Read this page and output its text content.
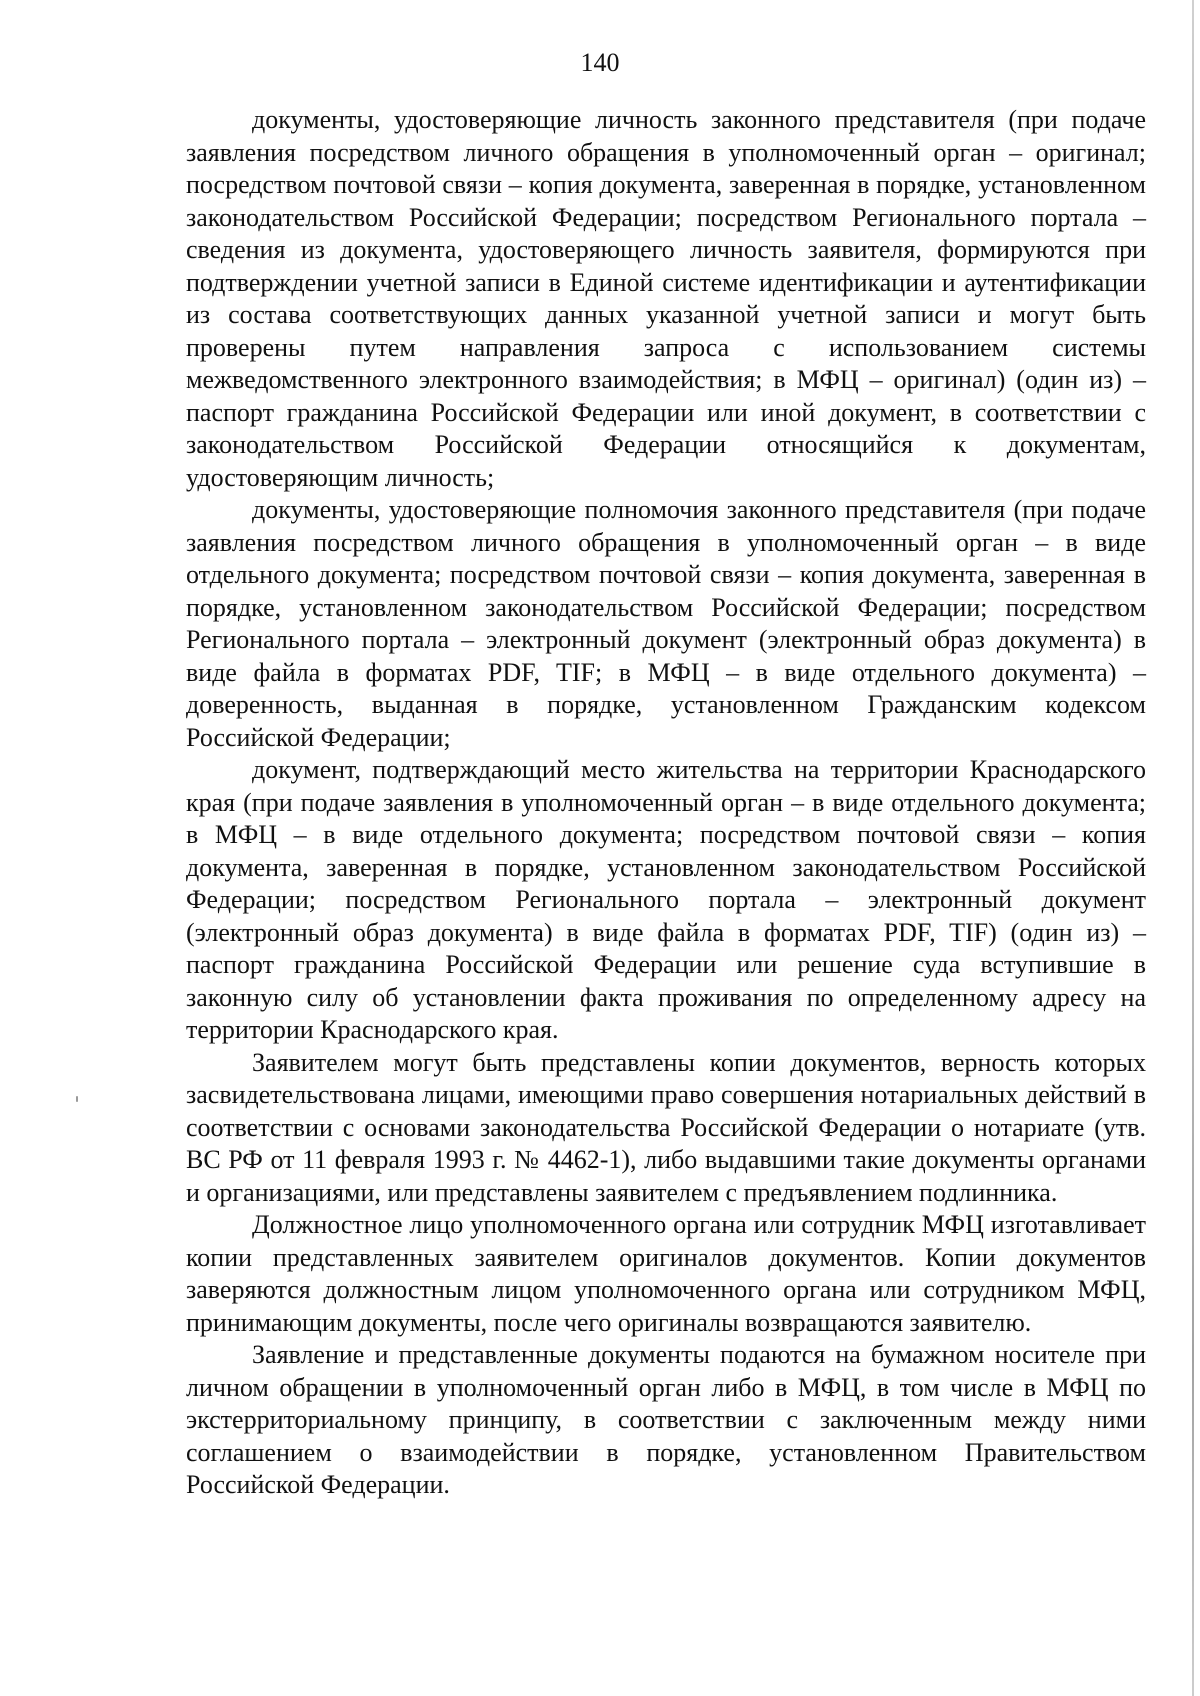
140

документы, удостоверяющие личность законного представителя (при подаче заявления посредством личного обращения в уполномоченный орган – оригинал; посредством почтовой связи – копия документа, заверенная в порядке, установленном законодательством Российской Федерации; посредством Регионального портала – сведения из документа, удостоверяющего личность заявителя, формируются при подтверждении учетной записи в Единой системе идентификации и аутентификации из состава соответствующих данных указанной учетной записи и могут быть проверены путем направления запроса с использованием системы межведомственного электронного взаимодействия; в МФЦ – оригинал) (один из) – паспорт гражданина Российской Федерации или иной документ, в соответствии с законодательством Российской Федерации относящийся к документам, удостоверяющим личность;

документы, удостоверяющие полномочия законного представителя (при подаче заявления посредством личного обращения в уполномоченный орган – в виде отдельного документа; посредством почтовой связи – копия документа, заверенная в порядке, установленном законодательством Российской Федерации; посредством Регионального портала – электронный документ (электронный образ документа) в виде файла в форматах PDF, TIF; в МФЦ – в виде отдельного документа) – доверенность, выданная в порядке, установленном Гражданским кодексом Российской Федерации;

документ, подтверждающий место жительства на территории Краснодарского края (при подаче заявления в уполномоченный орган – в виде отдельного документа; в МФЦ – в виде отдельного документа; посредством почтовой связи – копия документа, заверенная в порядке, установленном законодательством Российской Федерации; посредством Регионального портала – электронный документ (электронный образ документа) в виде файла в форматах PDF, TIF) (один из) – паспорт гражданина Российской Федерации или решение суда вступившие в законную силу об установлении факта проживания по определенному адресу на территории Краснодарского края.

Заявителем могут быть представлены копии документов, верность которых засвидетельствована лицами, имеющими право совершения нотариальных действий в соответствии с основами законодательства Российской Федерации о нотариате (утв. ВС РФ от 11 февраля 1993 г. № 4462-1), либо выдавшими такие документы органами и организациями, или представлены заявителем с предъявлением подлинника.

Должностное лицо уполномоченного органа или сотрудник МФЦ изготавливает копии представленных заявителем оригиналов документов. Копии документов заверяются должностным лицом уполномоченного органа или сотрудником МФЦ, принимающим документы, после чего оригиналы возвращаются заявителю.

Заявление и представленные документы подаются на бумажном носителе при личном обращении в уполномоченный орган либо в МФЦ, в том числе в МФЦ по экстерриториальному принципу, в соответствии с заключенным между ними соглашением о взаимодействии в порядке, установленном Правительством Российской Федерации.
